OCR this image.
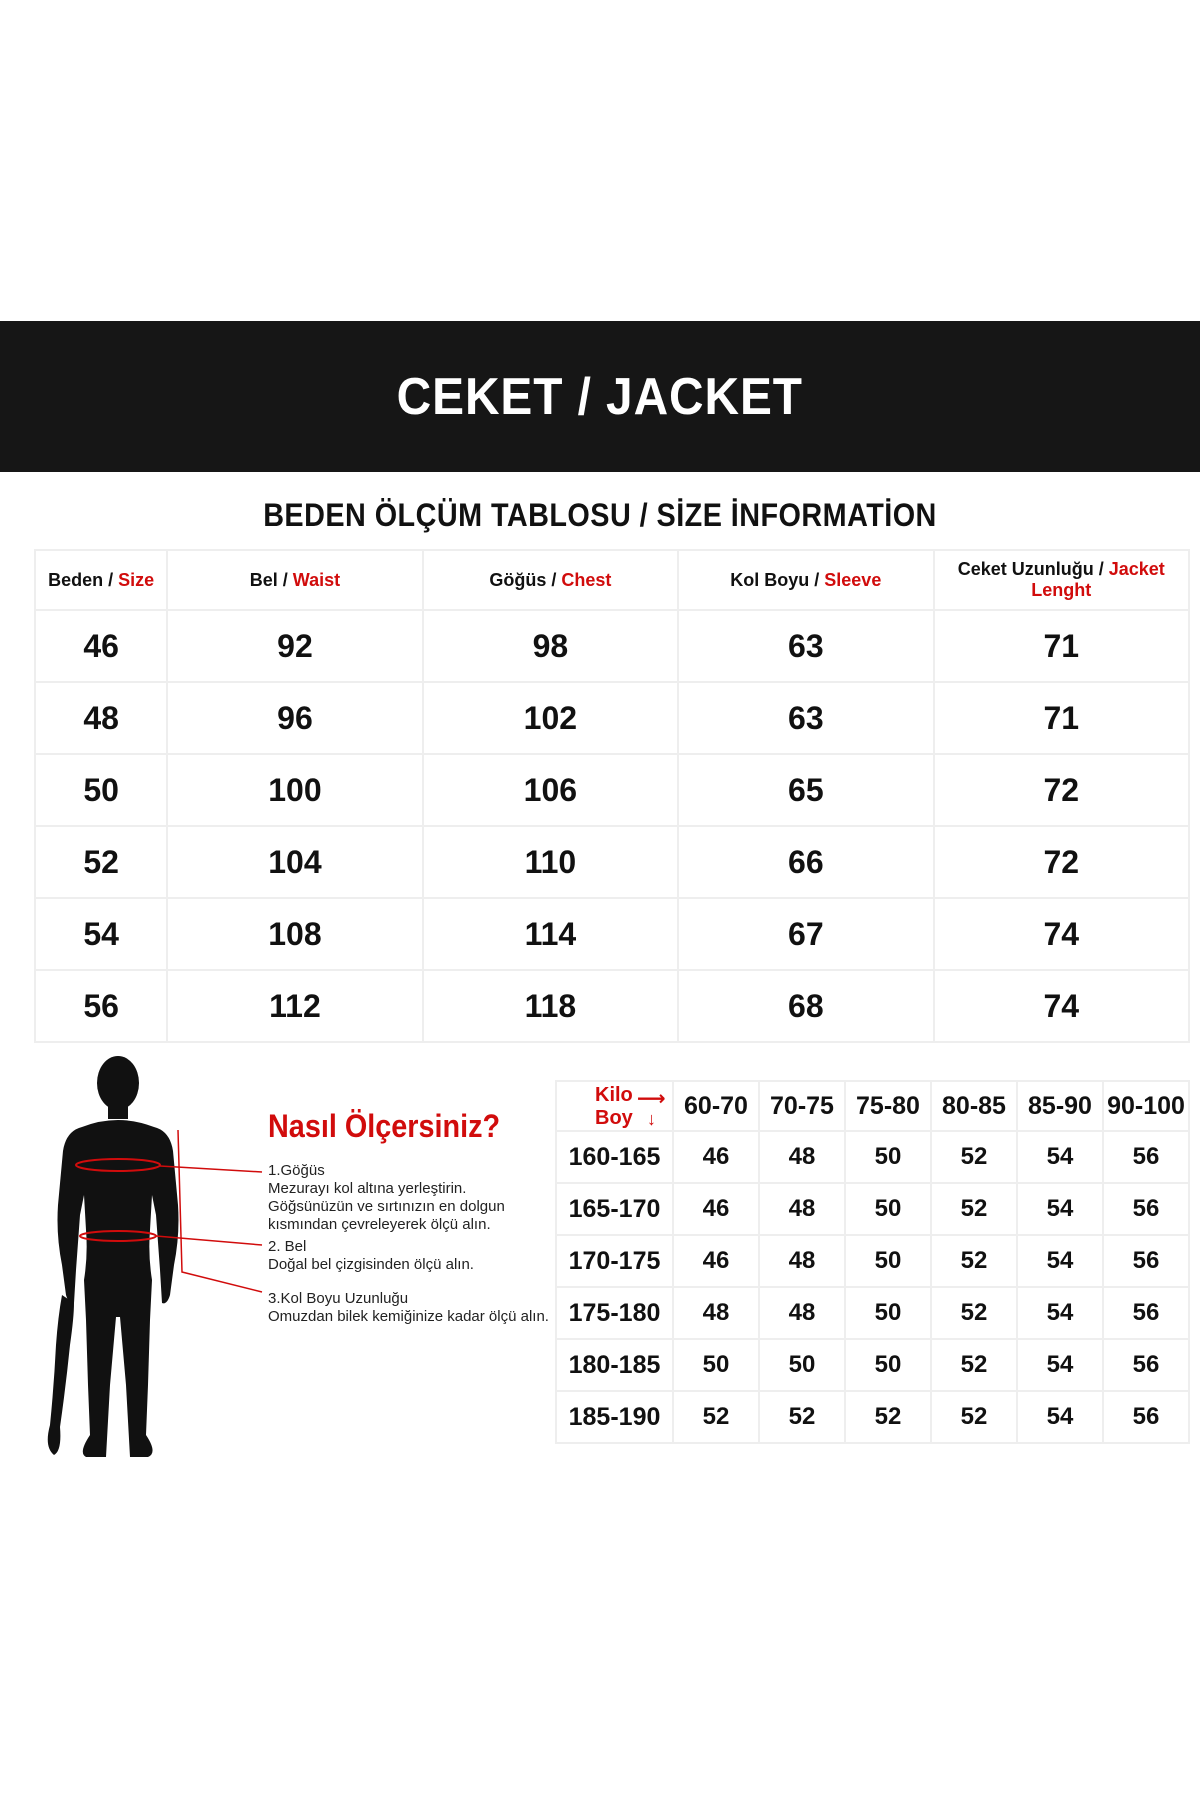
CEKET / JACKET
BEDEN ÖLÇÜM TABLOSU / SİZE İNFORMATİON
Beden / Size	Bel / Waist	Göğüs / Chest	Kol Boyu / Sleeve	Ceket Uzunluğu / Jacket Lenght
46	92	98	63	71
48	96	102	63	71
50	100	106	65	72
52	104	110	66	72
54	108	114	67	74
56	112	118	68	74
Nasıl Ölçersiniz?
1.Göğüs
Mezurayı kol altına yerleştirin.
Göğsünüzün ve sırtınızın en dolgun
kısmından çevreleyerek ölçü alın.
2. Bel
Doğal bel çizgisinden ölçü alın.
3.Kol Boyu Uzunluğu
Omuzdan bilek kemiğinize kadar ölçü alın.
Kilo ⟶
Boy ↓	60-70	70-75	75-80	80-85	85-90	90-100
160-165	46	48	50	52	54	56
165-170	46	48	50	52	54	56
170-175	46	48	50	52	54	56
175-180	48	48	50	52	54	56
180-185	50	50	50	52	54	56
185-190	52	52	52	52	54	56
